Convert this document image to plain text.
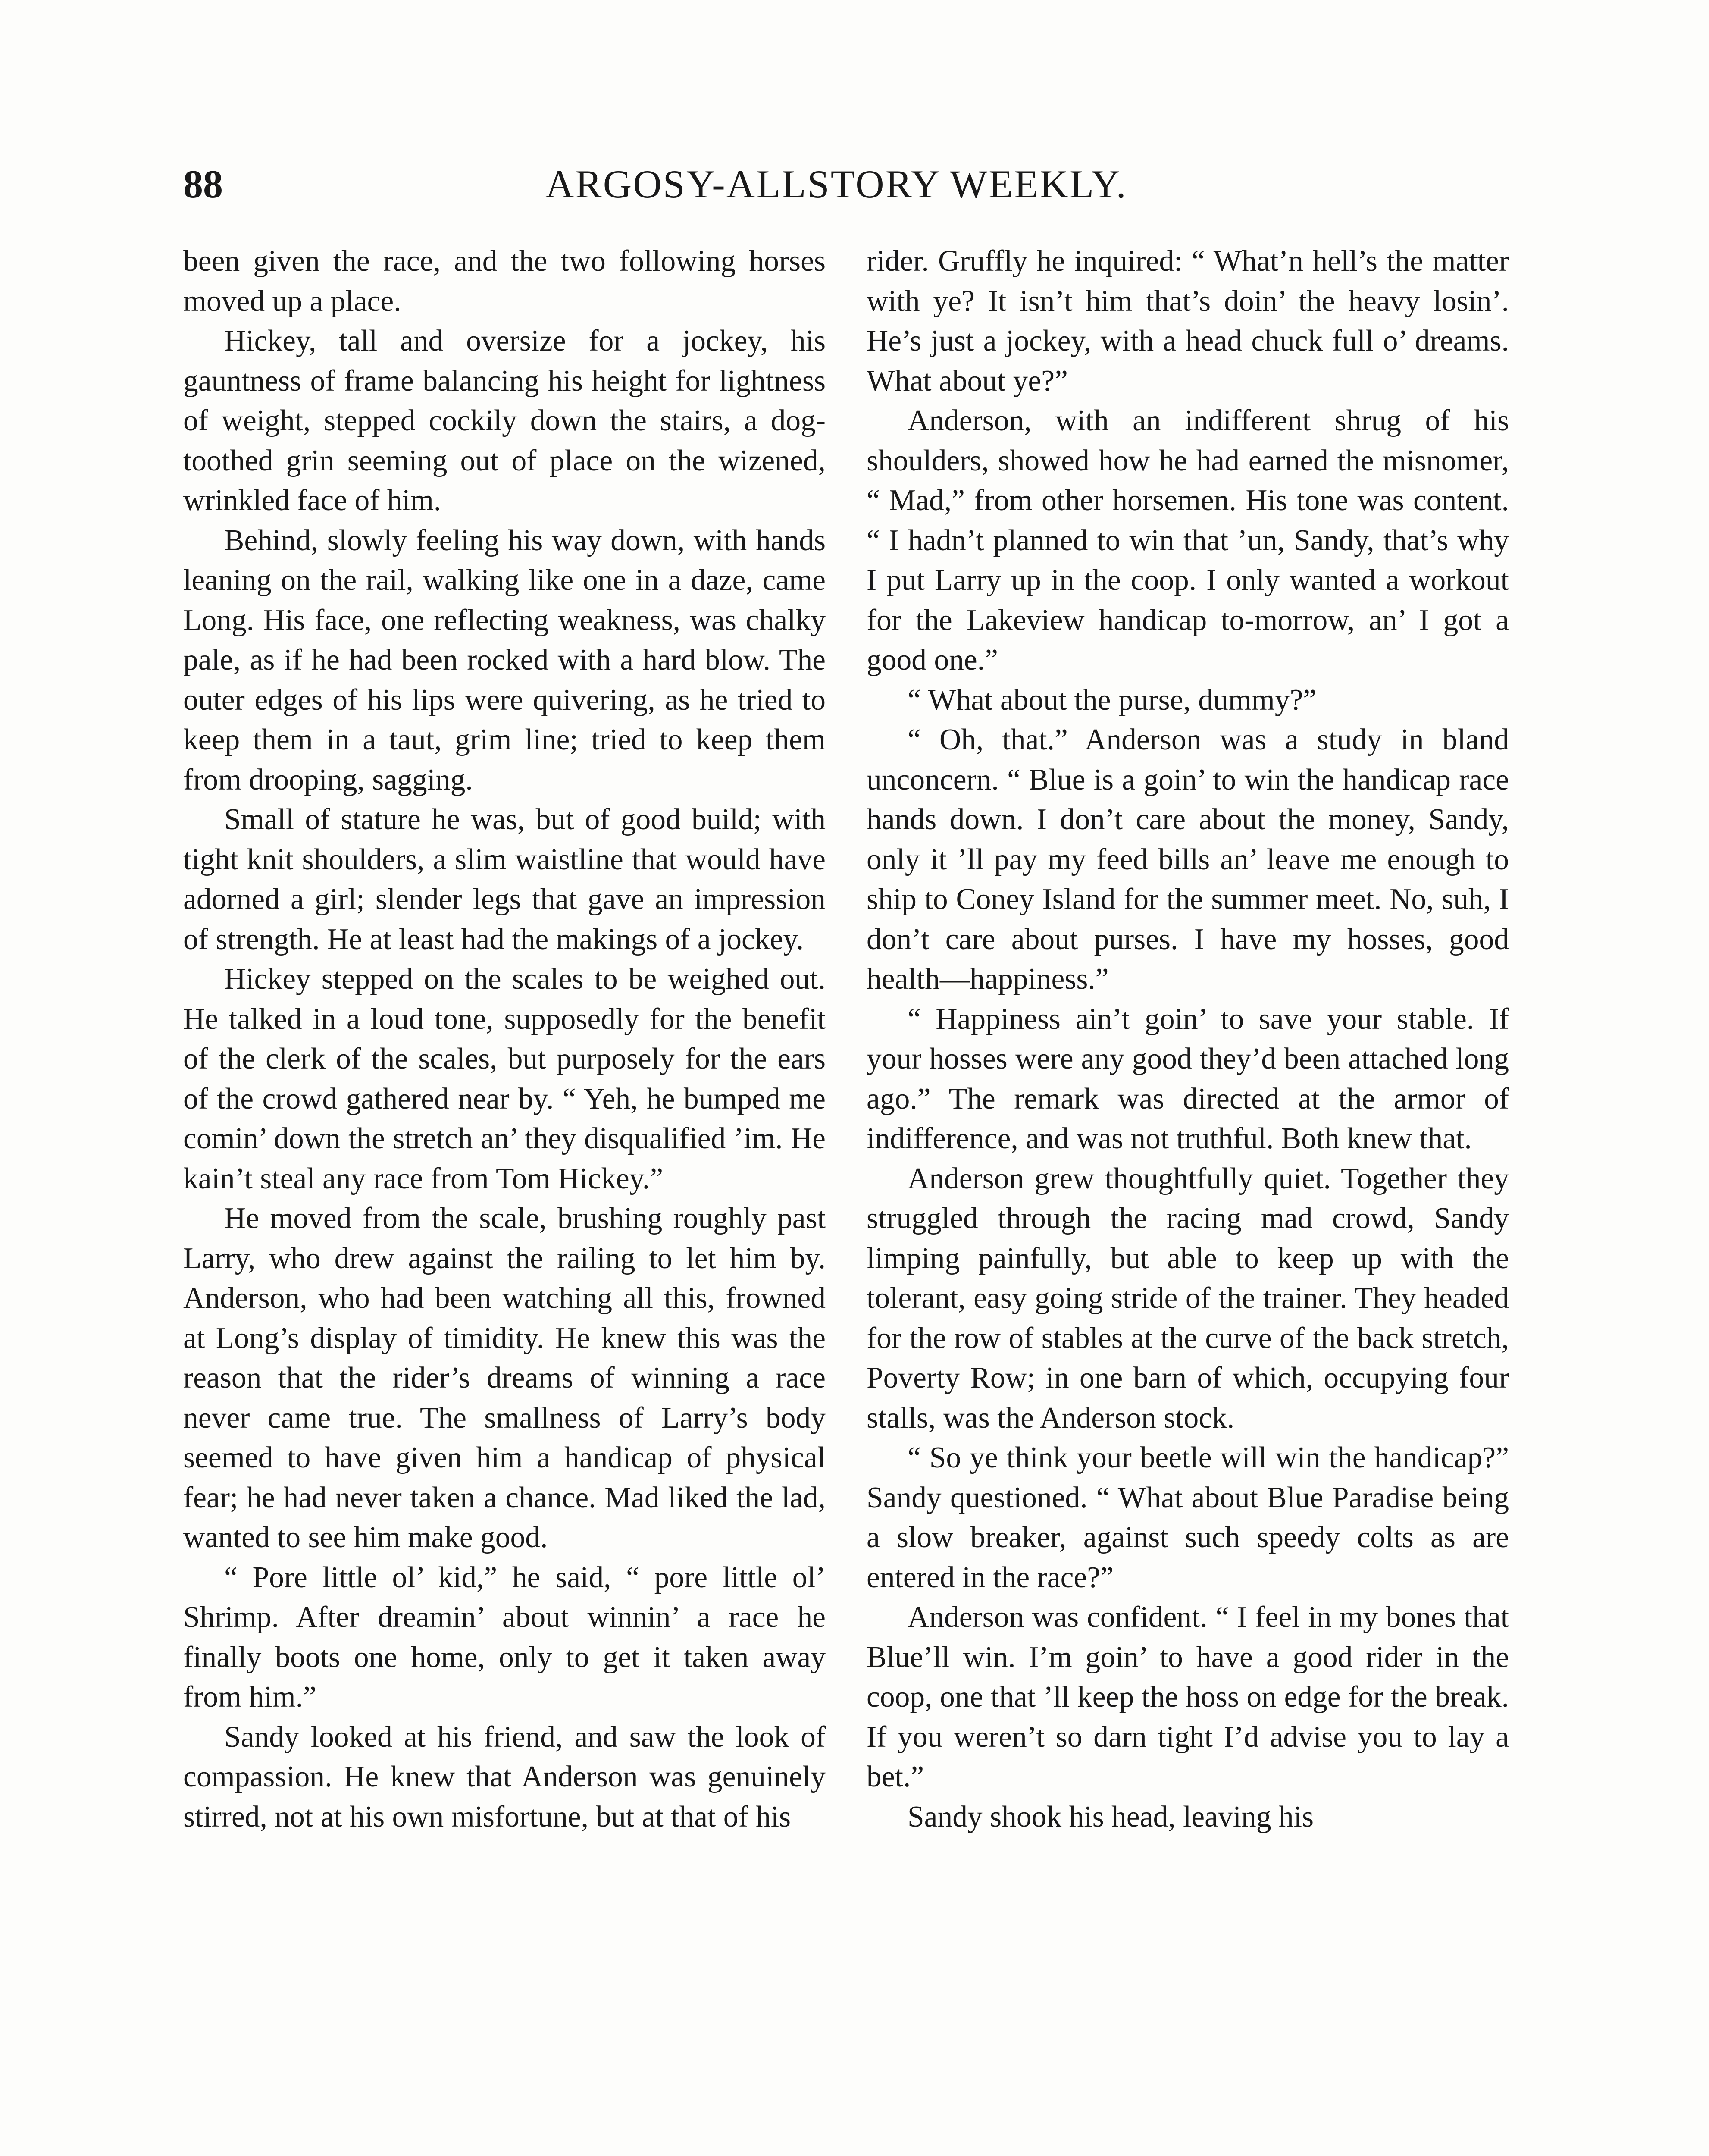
88	ARGOSY-ALLSTORY WEEKLY.

been given the race, and the two following horses moved up a place.

Hickey, tall and oversize for a jockey, his gauntness of frame balancing his height for lightness of weight, stepped cockily down the stairs, a dog-toothed grin seeming out of place on the wizened, wrinkled face of him.

Behind, slowly feeling his way down, with hands leaning on the rail, walking like one in a daze, came Long. His face, one reflecting weakness, was chalky pale, as if he had been rocked with a hard blow. The outer edges of his lips were quivering, as he tried to keep them in a taut, grim line; tried to keep them from drooping, sagging.

Small of stature he was, but of good build; with tight knit shoulders, a slim waistline that would have adorned a girl; slender legs that gave an impression of strength. He at least had the makings of a jockey.

Hickey stepped on the scales to be weighed out. He talked in a loud tone, supposedly for the benefit of the clerk of the scales, but purposely for the ears of the crowd gathered near by. “ Yeh, he bumped me comin’ down the stretch an’ they disqualified ’im. He kain’t steal any race from Tom Hickey.”

He moved from the scale, brushing roughly past Larry, who drew against the railing to let him by. Anderson, who had been watching all this, frowned at Long’s display of timidity. He knew this was the reason that the rider’s dreams of winning a race never came true. The smallness of Larry’s body seemed to have given him a handicap of physical fear; he had never taken a chance. Mad liked the lad, wanted to see him make good.

“ Pore little ol’ kid,” he said, “ pore little ol’ Shrimp. After dreamin’ about winnin’ a race he finally boots one home, only to get it taken away from him.”

Sandy looked at his friend, and saw the look of compassion. He knew that Anderson was genuinely stirred, not at his own misfortune, but at that of his

rider. Gruffly he inquired: “ What’n hell’s the matter with ye? It isn’t him that’s doin’ the heavy losin’. He’s just a jockey, with a head chuck full o’ dreams. What about ye?”

Anderson, with an indifferent shrug of his shoulders, showed how he had earned the misnomer, “ Mad,” from other horsemen. His tone was content. “ I hadn’t planned to win that ’un, Sandy, that’s why I put Larry up in the coop. I only wanted a workout for the Lakeview handicap to-morrow, an’ I got a good one.”

“ What about the purse, dummy?”

“ Oh, that.” Anderson was a study in bland unconcern. “ Blue is a goin’ to win the handicap race hands down. I don’t care about the money, Sandy, only it ’ll pay my feed bills an’ leave me enough to ship to Coney Island for the summer meet. No, suh, I don’t care about purses. I have my hosses, good health—happiness.”

“ Happiness ain’t goin’ to save your stable. If your hosses were any good they’d been attached long ago.” The remark was directed at the armor of indifference, and was not truthful. Both knew that.

Anderson grew thoughtfully quiet. Together they struggled through the racing mad crowd, Sandy limping painfully, but able to keep up with the tolerant, easy going stride of the trainer. They headed for the row of stables at the curve of the back stretch, Poverty Row; in one barn of which, occupying four stalls, was the Anderson stock.

“ So ye think your beetle will win the handicap?” Sandy questioned. “ What about Blue Paradise being a slow breaker, against such speedy colts as are entered in the race?”

Anderson was confident. “ I feel in my bones that Blue’ll win. I’m goin’ to have a good rider in the coop, one that ’ll keep the hoss on edge for the break. If you weren’t so darn tight I’d advise you to lay a bet.”

Sandy shook his head, leaving his
